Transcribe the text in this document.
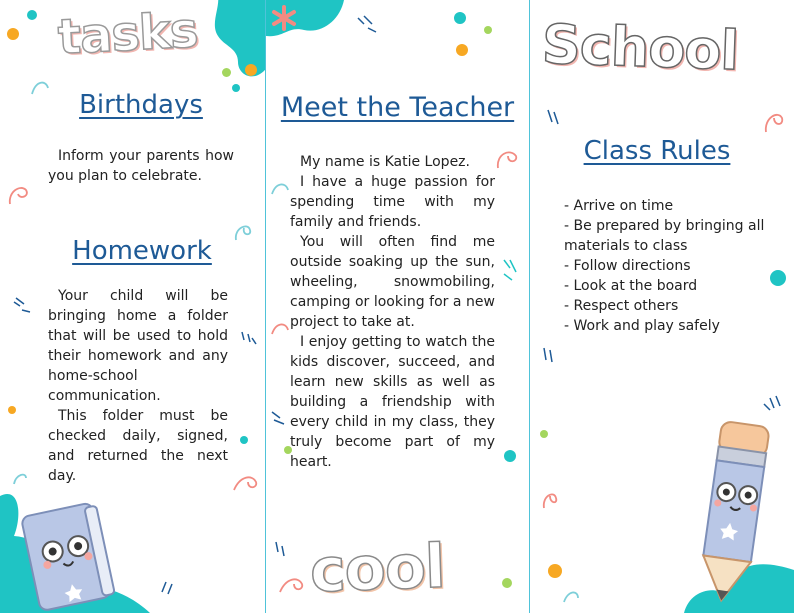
tasks
Birthdays

Inform your parents how you plan to celebrate.

Homework
Your child will be bringing home a folder that will be used to hold their homework and any home-school communication.
This folder must be checked daily, signed, and returned the next day.
Meet the Teacher
My name is Katie Lopez.
I have a huge passion for spending time with my family and friends.
You will often find me outside soaking up the sun, wheeling, snowmobiling, camping or looking for a new project to take at.
I enjoy getting to watch the kids discover, succeed, and learn new skills as well as building a friendship with every child in my class, they truly become part of my heart.
cool
School
Class Rules
- Arrive on time
- Be prepared by bringing all materials to class
- Follow directions
- Look at the board
- Respect others
- Work and play safely
